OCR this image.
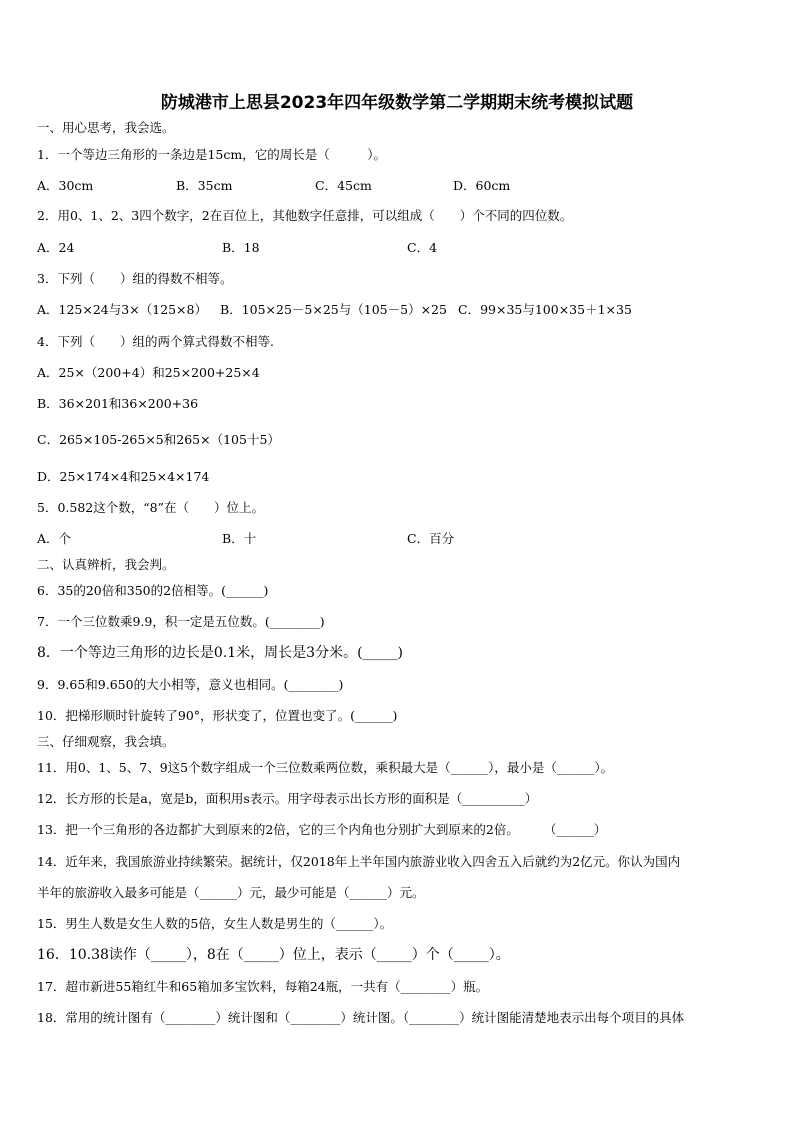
防城港市上思县2023年四年级数学第二学期期末统考模拟试题
一、用心思考，我会选。
1．一个等边三角形的一条边是15cm，它的周长是（　　　）。
A．30cm	B．35cm	C．45cm	D．60cm
2．用0、1、2、3四个数字，2在百位上，其他数字任意排，可以组成（　　）个不同的四位数。
A．24	B．18	C．4
3．下列（　　）组的得数不相等。
A．125×24与3×（125×8） B．105×25－5×25与（105－5）×25 C．99×35与100×35＋1×35
4．下列（　　）组的两个算式得数不相等.
A．25×（200+4）和25×200+25×4
B．36×201和36×200+36
C．265×105-265×5和265×（105十5）
D．25×174×4和25×4×174
5．0.582这个数，“8”在（　　）位上。
A．个	B．十	C．百分
二、认真辨析，我会判。
6．35的20倍和350的2倍相等。(______)
7．一个三位数乘9.9，积一定是五位数。(________)
8．一个等边三角形的边长是0.1米，周长是3分米。(_____)
9．9.65和9.650的大小相等，意义也相同。(________)
10．把梯形顺时针旋转了90°，形状变了，位置也变了。(______)
三、仔细观察，我会填。
11．用0、1、5、7、9这5个数字组成一个三位数乘两位数，乘积最大是（______），最小是（______）。
12．长方形的长是a，宽是b，面积用s表示。用字母表示出长方形的面积是（__________）
13．把一个三角形的各边都扩大到原来的2倍，它的三个内角也分别扩大到原来的2倍。　　　（______）
14．近年来，我国旅游业持续繁荣。据统计，仅2018年上半年国内旅游业收入四舍五入后就约为2亿元。你认为国内
半年的旅游收入最多可能是（______）元，最少可能是（______）元。
15．男生人数是女生人数的5倍，女生人数是男生的（______）。
16．10.38读作（_____），8在（_____）位上，表示（_____）个（_____）。
17．超市新进55箱红牛和65箱加多宝饮料，每箱24瓶，一共有（________）瓶。
18．常用的统计图有（________）统计图和（________）统计图。（________）统计图能清楚地表示出每个项目的具体
